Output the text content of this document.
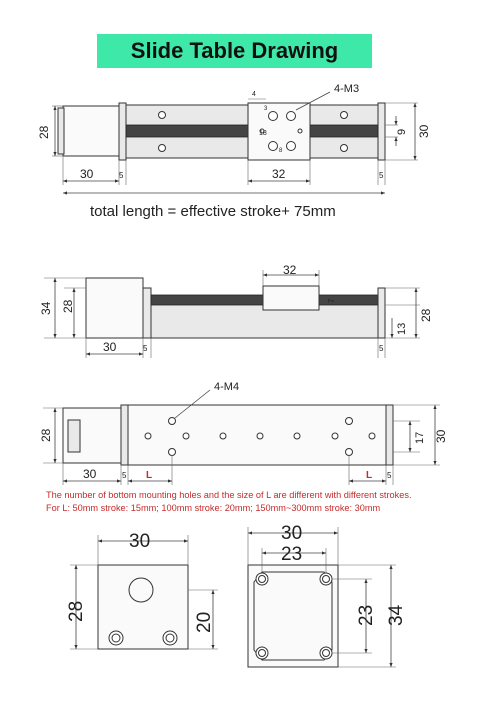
Slide Table Drawing
4-M3
4
3
18
8
28	9 30
30	5	32	5
total length = effective stroke+ 75mm
32
7
34 28
13
28
30	5	5
4-M4
28	17 30
30	5 L	L 5
30
28
20
30
23
23 34
The number of bottom mounting holes and the size of L are different with different strokes.
For L: 50mm stroke: 15mm; 100mm stroke: 20mm; 150mm~300mm stroke: 30mm
